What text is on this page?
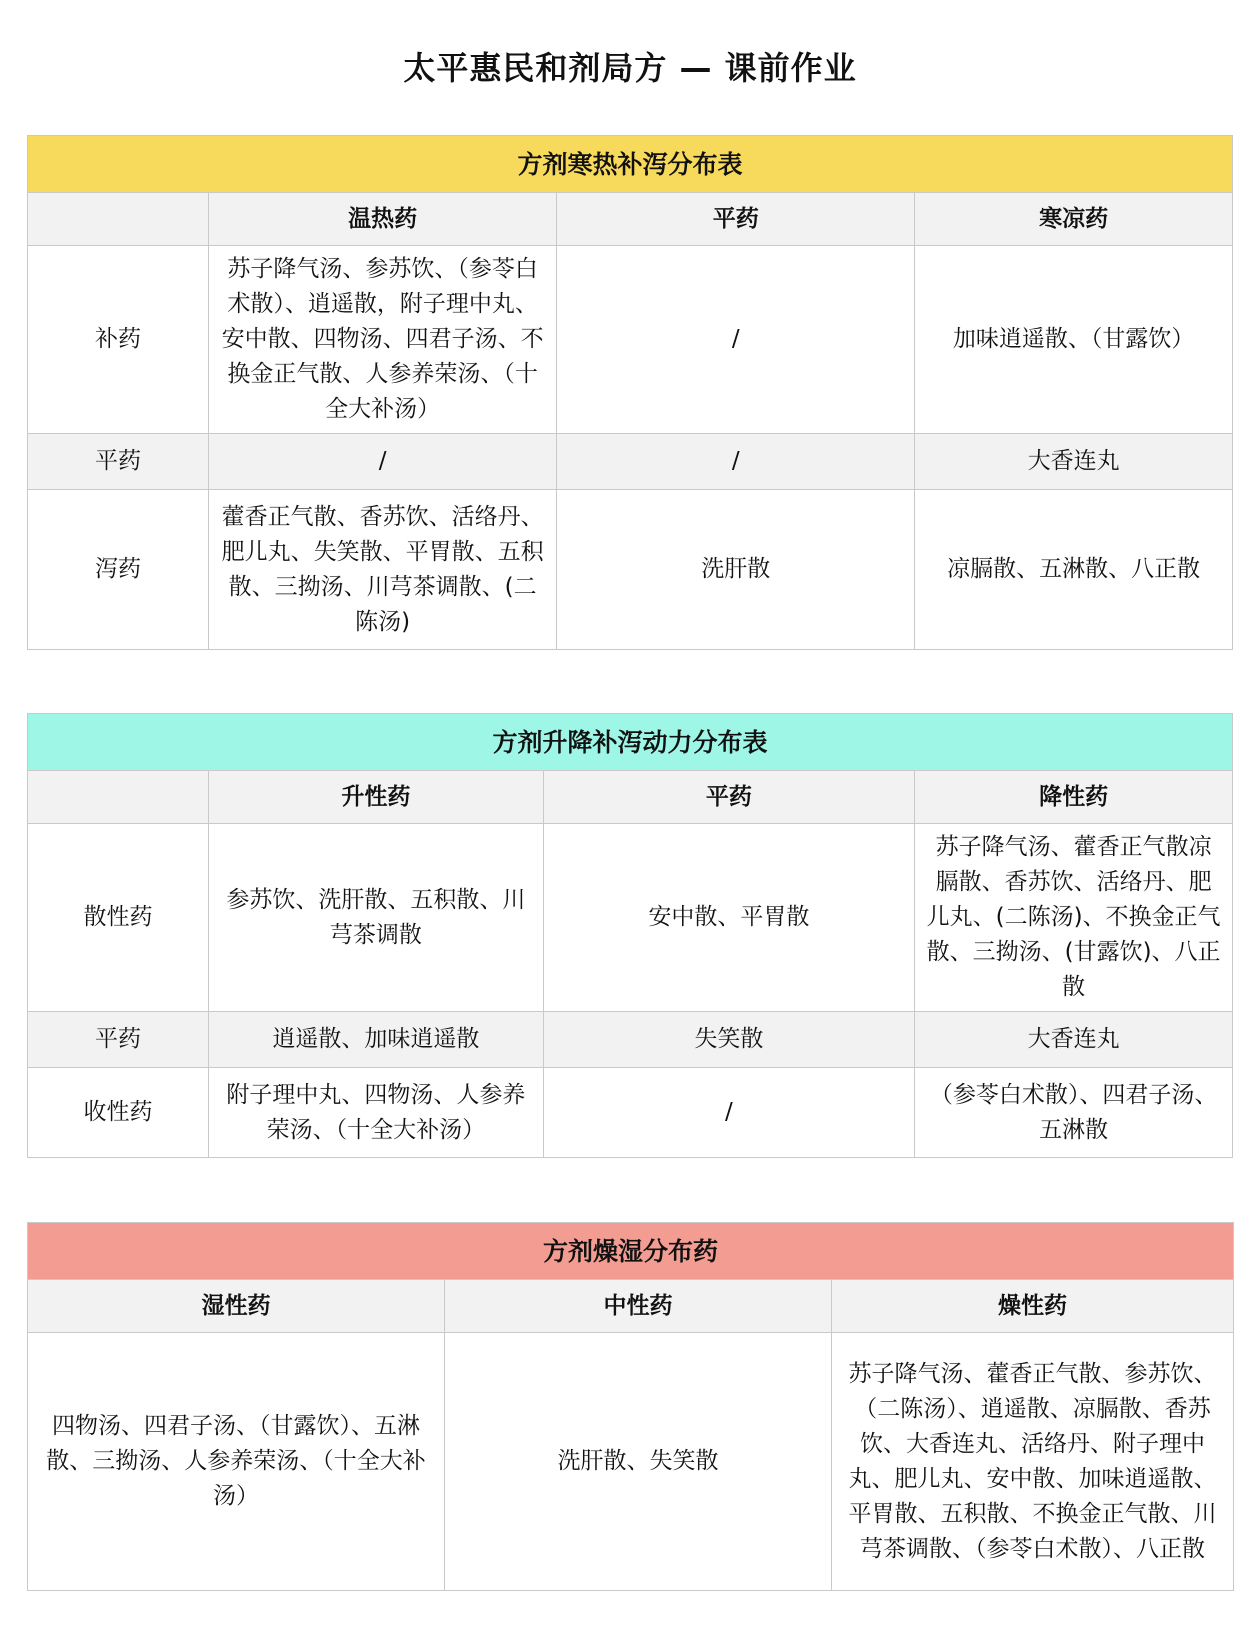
太平惠民和剂局方 — 课前作业
方剂寒热补泻分布表			
	温热药	平药	寒凉药
补药	苏子降气汤、参苏饮、（参苓白术散）、逍遥散，附子理中丸、安中散、四物汤、四君子汤、不换金正气散、人参养荣汤、（十全大补汤）	/	加味逍遥散、（甘露饮）
平药	/	/	大香连丸
泻药	藿香正气散、香苏饮、活络丹、肥儿丸、失笑散、平胃散、五积散、三拗汤、川芎茶调散、(二陈汤)	洗肝散	凉膈散、五淋散、八正散
方剂升降补泻动力分布表			
	升性药	平药	降性药
散性药	参苏饮、洗肝散、五积散、川芎茶调散	安中散、平胃散	苏子降气汤、藿香正气散凉膈散、香苏饮、活络丹、肥儿丸、(二陈汤)、不换金正气散、三拗汤、(甘露饮)、八正散
平药	逍遥散、加味逍遥散	失笑散	大香连丸
收性药	附子理中丸、四物汤、人参养荣汤、（十全大补汤）	/	（参苓白术散）、四君子汤、五淋散
方剂燥湿分布药		
湿性药	中性药	燥性药
四物汤、四君子汤、（甘露饮）、五淋散、三拗汤、人参养荣汤、（十全大补汤）	洗肝散、失笑散	苏子降气汤、藿香正气散、参苏饮、（二陈汤）、逍遥散、凉膈散、香苏饮、大香连丸、活络丹、附子理中丸、肥儿丸、安中散、加味逍遥散、平胃散、五积散、不换金正气散、川芎茶调散、（参苓白术散）、八正散
